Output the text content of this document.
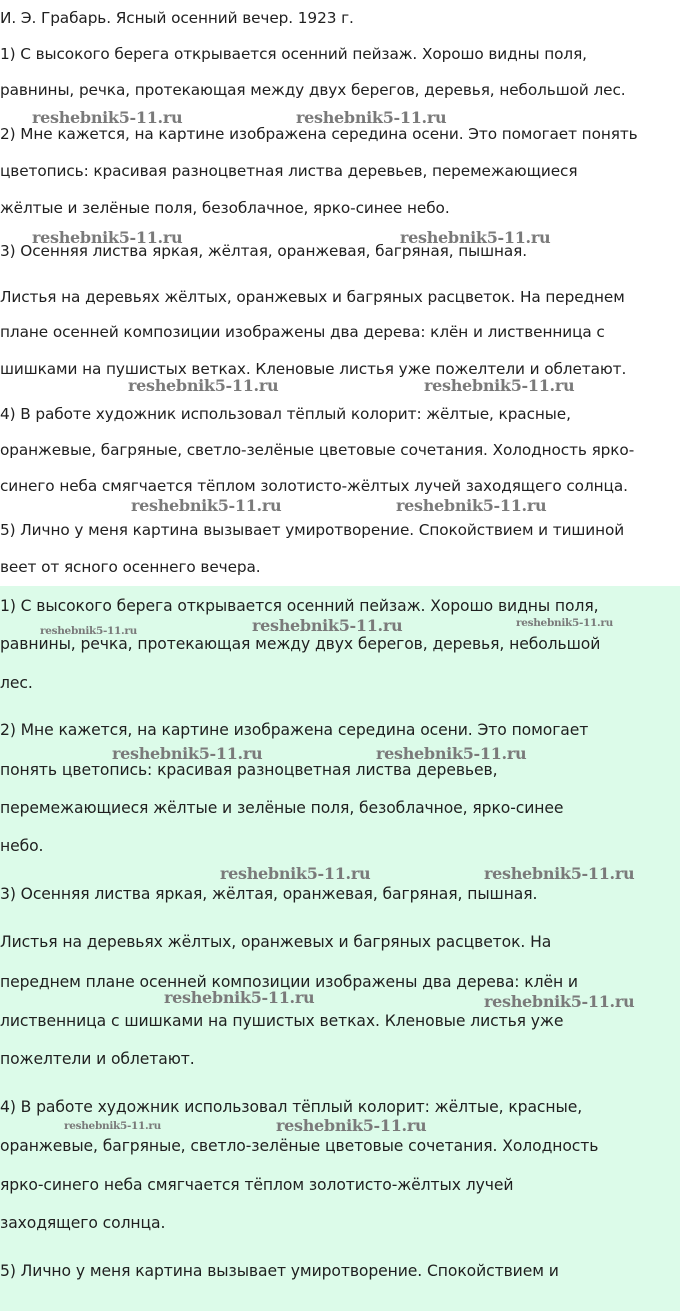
И. Э. Грабарь. Ясный осенний вечер. 1923 г.
1) С высокого берега открывается осенний пейзаж. Хорошо видны поля,
равнины, речка, протекающая между двух берегов, деревья, небольшой лес.
2) Мне кажется, на картине изображена середина осени. Это помогает понять
цветопись: красивая разноцветная листва деревьев, перемежающиеся
жёлтые и зелёные поля, безоблачное, ярко-синее небо.
3) Осенняя листва яркая, жёлтая, оранжевая, багряная, пышная.
Листья на деревьях жёлтых, оранжевых и багряных расцветок. На переднем
плане осенней композиции изображены два дерева: клён и лиственница с
шишками на пушистых ветках. Кленовые листья уже пожелтели и облетают.
4) В работе художник использовал тёплый колорит: жёлтые, красные,
оранжевые, багряные, светло-зелёные цветовые сочетания. Холодность ярко-
синего неба смягчается тёплом золотисто-жёлтых лучей заходящего солнца.
5) Лично у меня картина вызывает умиротворение. Спокойствием и тишиной
веет от ясного осеннего вечера.
reshebnik5-11.ru	reshebnik5-11.ru
reshebnik5-11.ru	reshebnik5-11.ru
reshebnik5-11.ru	reshebnik5-11.ru
reshebnik5-11.ru	reshebnik5-11.ru
1) С высокого берега открывается осенний пейзаж. Хорошо видны поля,
равнины, речка, протекающая между двух берегов, деревья, небольшой
лес.
2) Мне кажется, на картине изображена середина осени. Это помогает
понять цветопись: красивая разноцветная листва деревьев,
перемежающиеся жёлтые и зелёные поля, безоблачное, ярко-синее
небо.
3) Осенняя листва яркая, жёлтая, оранжевая, багряная, пышная.
Листья на деревьях жёлтых, оранжевых и багряных расцветок. На
переднем плане осенней композиции изображены два дерева: клён и
лиственница с шишками на пушистых ветках. Кленовые листья уже
пожелтели и облетают.
4) В работе художник использовал тёплый колорит: жёлтые, красные,
оранжевые, багряные, светло-зелёные цветовые сочетания. Холодность
ярко-синего неба смягчается тёплом золотисто-жёлтых лучей
заходящего солнца.
5) Лично у меня картина вызывает умиротворение. Спокойствием и
reshebnik5-11.ru	reshebnik5-11.ru	reshebnik5-11.ru
reshebnik5-11.ru	reshebnik5-11.ru
reshebnik5-11.ru	reshebnik5-11.ru
reshebnik5-11.ru	reshebnik5-11.ru
reshebnik5-11.ru	reshebnik5-11.ru
